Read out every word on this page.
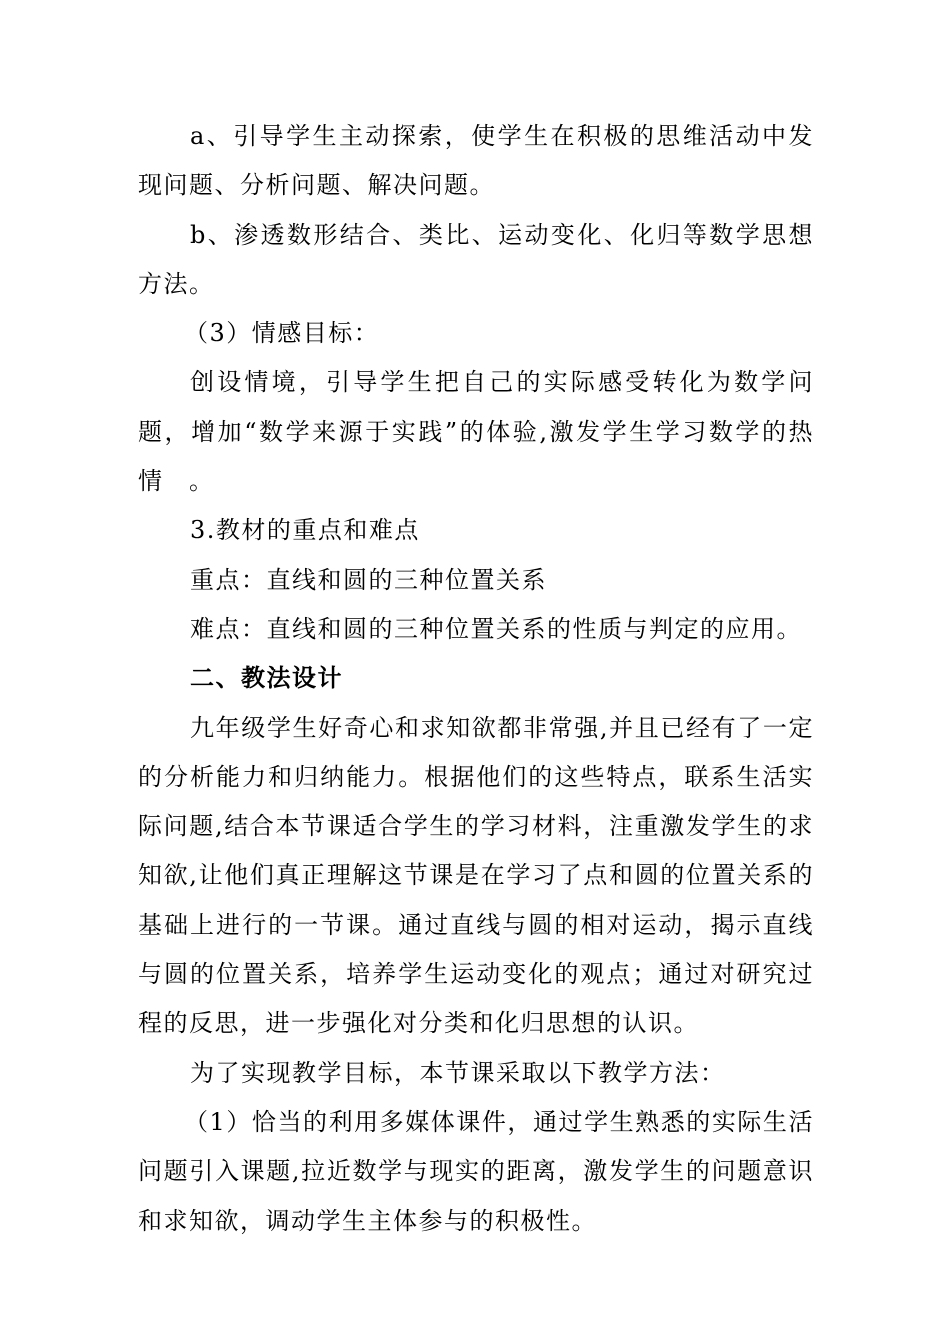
a、引导学生主动探索，使学生在积极的思维活动中发现问题、分析问题、解决问题。

b、渗透数形结合、类比、运动变化、化归等数学思想方法。

（3）情感目标：

创设情境，引导学生把自己的实际感受转化为数学问题，增加“数学来源于实践”的体验,激发学生学习数学的热情　。

3.教材的重点和难点

重点：直线和圆的三种位置关系

难点：直线和圆的三种位置关系的性质与判定的应用。

二、教法设计

九年级学生好奇心和求知欲都非常强,并且已经有了一定的分析能力和归纳能力。根据他们的这些特点，联系生活实际问题,结合本节课适合学生的学习材料，注重激发学生的求知欲,让他们真正理解这节课是在学习了点和圆的位置关系的基础上进行的一节课。通过直线与圆的相对运动，揭示直线与圆的位置关系，培养学生运动变化的观点；通过对研究过程的反思，进一步强化对分类和化归思想的认识。

为了实现教学目标，本节课采取以下教学方法：

（1）恰当的利用多媒体课件，通过学生熟悉的实际生活问题引入课题,拉近数学与现实的距离，激发学生的问题意识和求知欲，调动学生主体参与的积极性。
